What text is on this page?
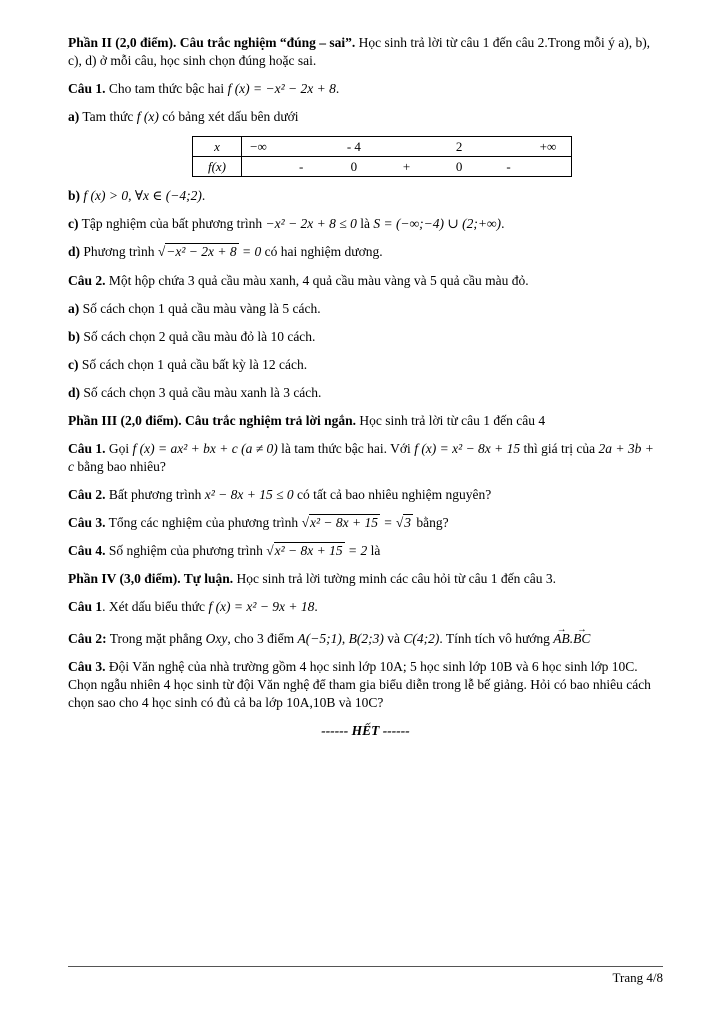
Phần II (2,0 điểm). Câu trắc nghiệm “đúng – sai”. Học sinh trả lời từ câu 1 đến câu 2.Trong mỗi ý a), b), c), d) ở mỗi câu, học sinh chọn đúng hoặc sai.

Câu 1. Cho tam thức bậc hai f (x) = −x² − 2x + 8.

a) Tam thức f (x) có bảng xét dấu bên dưới

x	−∞	- 4	2	+∞
f(x)	-	0	+	0	-

b) f (x) > 0, ∀x ∈ (−4;2).

c) Tập nghiệm của bất phương trình −x² − 2x + 8 ≤ 0 là S = (−∞;−4) ∪ (2;+∞).

d) Phương trình √−x² − 2x + 8 = 0 có hai nghiệm dương.

Câu 2. Một hộp chứa 3 quả cầu màu xanh, 4 quả cầu màu vàng và 5 quả cầu màu đỏ.

a) Số cách chọn 1 quả cầu màu vàng là 5 cách.

b) Số cách chọn 2 quả cầu màu đỏ là 10 cách.

c) Số cách chọn 1 quả cầu bất kỳ là 12 cách.

d) Số cách chọn 3 quả cầu màu xanh là 3 cách.

Phần III (2,0 điểm). Câu trắc nghiệm trả lời ngắn. Học sinh trả lời từ câu 1 đến câu 4

Câu 1. Gọi f (x) = ax² + bx + c (a ≠ 0) là tam thức bậc hai. Với f (x) = x² − 8x + 15 thì giá trị của 2a + 3b + c bằng bao nhiêu?

Câu 2. Bất phương trình x² − 8x + 15 ≤ 0 có tất cả bao nhiêu nghiệm nguyên?

Câu 3. Tổng các nghiệm của phương trình √x² − 8x + 15 = √3 bằng?

Câu 4. Số nghiệm của phương trình √x² − 8x + 15 = 2 là

Phần IV (3,0 điểm). Tự luận. Học sinh trả lời tường minh các câu hỏi từ câu 1 đến câu 3.

Câu 1. Xét dấu biểu thức f (x) = x² − 9x + 18.

Câu 2: Trong mặt phẳng Oxy, cho 3 điểm A(−5;1), B(2;3) và C(4;2). Tính tích vô hướng AB →.BC →

Câu 3. Đội Văn nghệ của nhà trường gồm 4 học sinh lớp 10A; 5 học sinh lớp 10B và 6 học sinh lớp 10C. Chọn ngẫu nhiên 4 học sinh từ đội Văn nghệ để tham gia biểu diễn trong lễ bế giảng. Hỏi có bao nhiêu cách chọn sao cho 4 học sinh có đủ cả ba lớp 10A,10B và 10C?

------ HẾT ------

Trang 4/8
